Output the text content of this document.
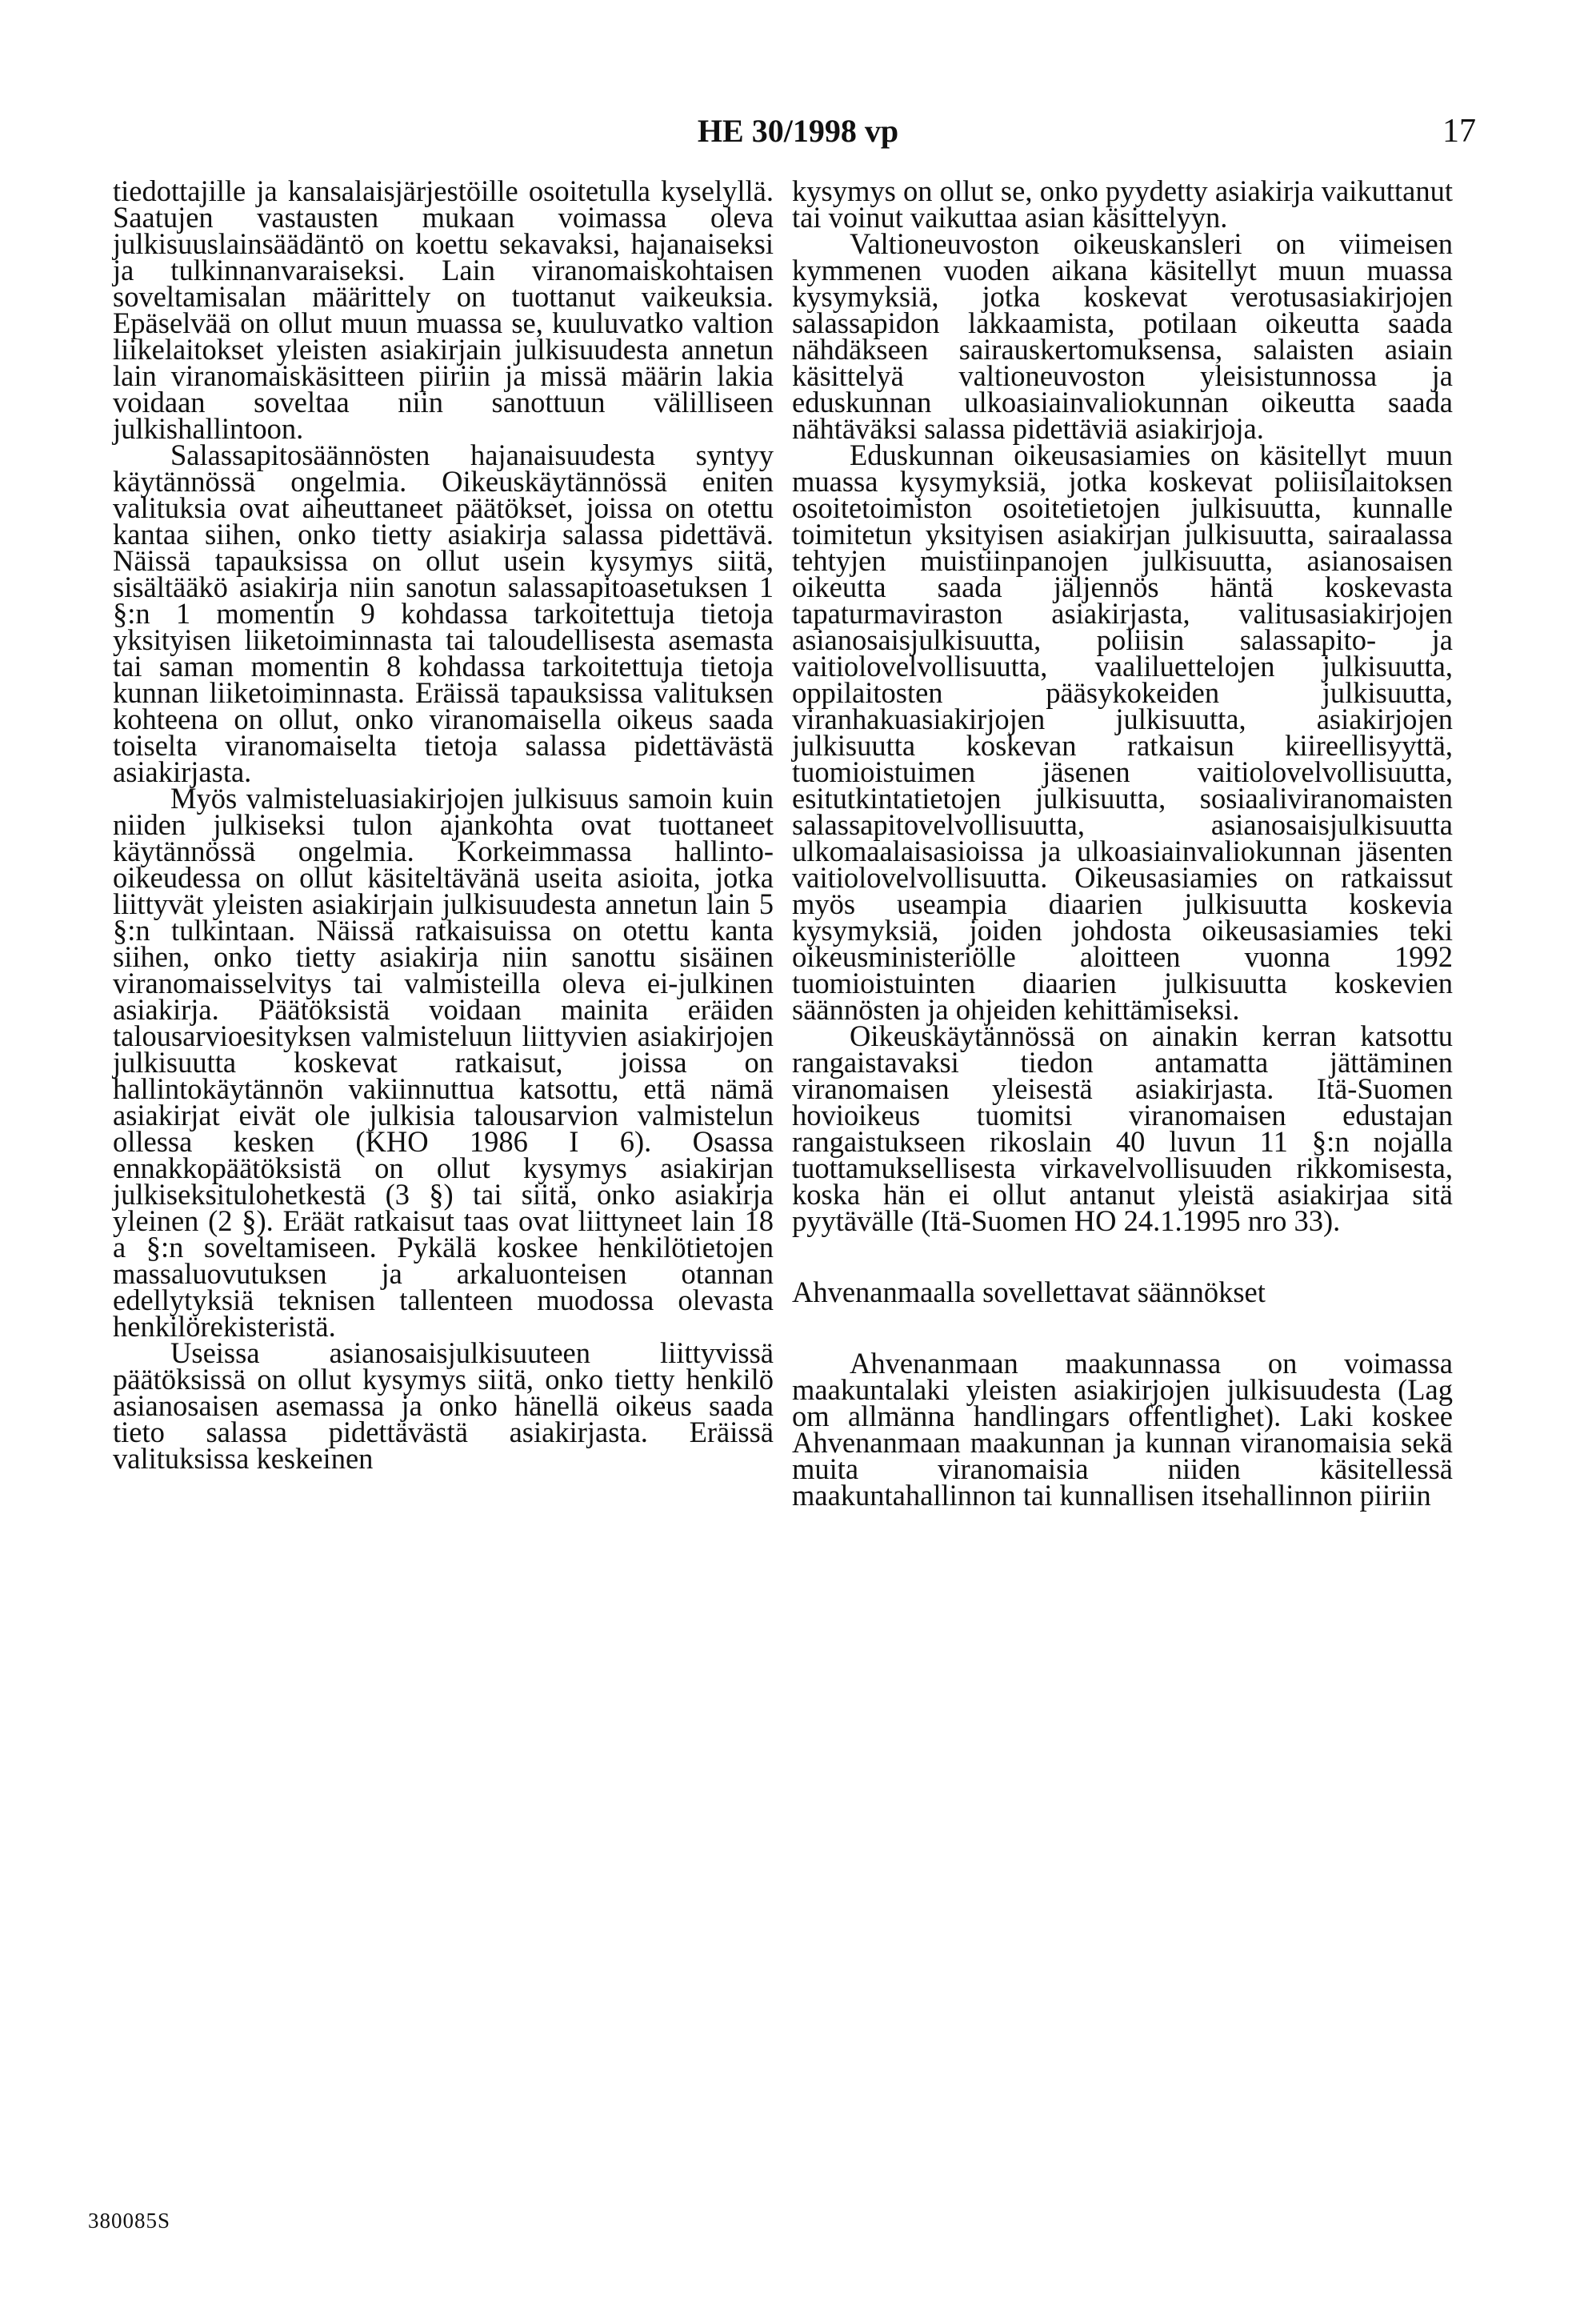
HE 30/1998 vp	17

tiedottajille ja kansalaisjärjestöille osoitetulla kyselyllä. Saatujen vastausten mukaan voimassa oleva julkisuuslainsäädäntö on koettu sekavaksi, hajanaiseksi ja tulkinnanvaraiseksi. Lain viranomaiskohtaisen soveltamisalan määrittely on tuottanut vaikeuksia. Epäselvää on ollut muun muassa se, kuuluvatko valtion liikelaitokset yleisten asiakirjain julkisuudesta annetun lain viranomaiskäsitteen piiriin ja missä määrin lakia voidaan soveltaa niin sanottuun välilliseen julkishallintoon.

Salassapitosäännösten hajanaisuudesta syntyy käytännössä ongelmia. Oikeuskäytännössä eniten valituksia ovat aiheuttaneet päätökset, joissa on otettu kantaa siihen, onko tietty asiakirja salassa pidettävä. Näissä tapauksissa on ollut usein kysymys siitä, sisältääkö asiakirja niin sanotun salassapitoasetuksen 1 §:n 1 momentin 9 kohdassa tarkoitettuja tietoja yksityisen liiketoiminnasta tai taloudellisesta asemasta tai saman momentin 8 kohdassa tarkoitettuja tietoja kunnan liiketoiminnasta. Eräissä tapauksissa valituksen kohteena on ollut, onko viranomaisella oikeus saada toiselta viranomaiselta tietoja salassa pidettävästä asiakirjasta.

Myös valmisteluasiakirjojen julkisuus samoin kuin niiden julkiseksi tulon ajankohta ovat tuottaneet käytännössä ongelmia. Korkeimmassa hallinto-oikeudessa on ollut käsiteltävänä useita asioita, jotka liittyvät yleisten asiakirjain julkisuudesta annetun lain 5 §:n tulkintaan. Näissä ratkaisuissa on otettu kanta siihen, onko tietty asiakirja niin sanottu sisäinen viranomaisselvitys tai valmisteilla oleva ei-julkinen asiakirja. Päätöksistä voidaan mainita eräiden talousarvioesityksen valmisteluun liittyvien asiakirjojen julkisuutta koskevat ratkaisut, joissa on hallintokäytännön vakiinnuttua katsottu, että nämä asiakirjat eivät ole julkisia talousarvion valmistelun ollessa kesken (KHO 1986 I 6). Osassa ennakkopäätöksistä on ollut kysymys asiakirjan julkiseksitulohetkestä (3 §) tai siitä, onko asiakirja yleinen (2 §). Eräät ratkaisut taas ovat liittyneet lain 18 a §:n soveltamiseen. Pykälä koskee henkilötietojen massaluovutuksen ja arkaluonteisen otannan edellytyksiä teknisen tallenteen muodossa olevasta henkilörekisteristä.

Useissa asianosaisjulkisuuteen liittyvissä päätöksissä on ollut kysymys siitä, onko tietty henkilö asianosaisen asemassa ja onko hänellä oikeus saada tieto salassa pidettävästä asiakirjasta. Eräissä valituksissa keskeinen

kysymys on ollut se, onko pyydetty asiakirja vaikuttanut tai voinut vaikuttaa asian käsittelyyn.

Valtioneuvoston oikeuskansleri on viimeisen kymmenen vuoden aikana käsitellyt muun muassa kysymyksiä, jotka koskevat verotusasiakirjojen salassapidon lakkaamista, potilaan oikeutta saada nähdäkseen sairauskertomuksensa, salaisten asiain käsittelyä valtioneuvoston yleisistunnossa ja eduskunnan ulkoasiainvaliokunnan oikeutta saada nähtäväksi salassa pidettäviä asiakirjoja.

Eduskunnan oikeusasiamies on käsitellyt muun muassa kysymyksiä, jotka koskevat poliisilaitoksen osoitetoimiston osoitetietojen julkisuutta, kunnalle toimitetun yksityisen asiakirjan julkisuutta, sairaalassa tehtyjen muistiinpanojen julkisuutta, asianosaisen oikeutta saada jäljennös häntä koskevasta tapaturmaviraston asiakirjasta, valitusasiakirjojen asianosaisjulkisuutta, poliisin salassapito- ja vaitiolovelvollisuutta, vaaliluettelojen julkisuutta, oppilaitosten pääsykokeiden julkisuutta, viranhakuasiakirjojen julkisuutta, asiakirjojen julkisuutta koskevan ratkaisun kiireellisyyttä, tuomioistuimen jäsenen vaitiolovelvollisuutta, esitutkintatietojen julkisuutta, sosiaaliviranomaisten salassapitovelvollisuutta, asianosaisjulkisuutta ulkomaalaisasioissa ja ulkoasiainvaliokunnan jäsenten vaitiolovelvollisuutta. Oikeusasiamies on ratkaissut myös useampia diaarien julkisuutta koskevia kysymyksiä, joiden johdosta oikeusasiamies teki oikeusministeriölle aloitteen vuonna 1992 tuomioistuinten diaarien julkisuutta koskevien säännösten ja ohjeiden kehittämiseksi.

Oikeuskäytännössä on ainakin kerran katsottu rangaistavaksi tiedon antamatta jättäminen viranomaisen yleisestä asiakirjasta. Itä-Suomen hovioikeus tuomitsi viranomaisen edustajan rangaistukseen rikoslain 40 luvun 11 §:n nojalla tuottamuksellisesta virkavelvollisuuden rikkomisesta, koska hän ei ollut antanut yleistä asiakirjaa sitä pyytävälle (Itä-Suomen HO 24.1.1995 nro 33).

Ahvenanmaalla sovellettavat säännökset

Ahvenanmaan maakunnassa on voimassa maakuntalaki yleisten asiakirjojen julkisuudesta (Lag om allmänna handlingars offentlighet). Laki koskee Ahvenanmaan maakunnan ja kunnan viranomaisia sekä muita viranomaisia niiden käsitellessä maakuntahallinnon tai kunnallisen itsehallinnon piiriin

380085S
